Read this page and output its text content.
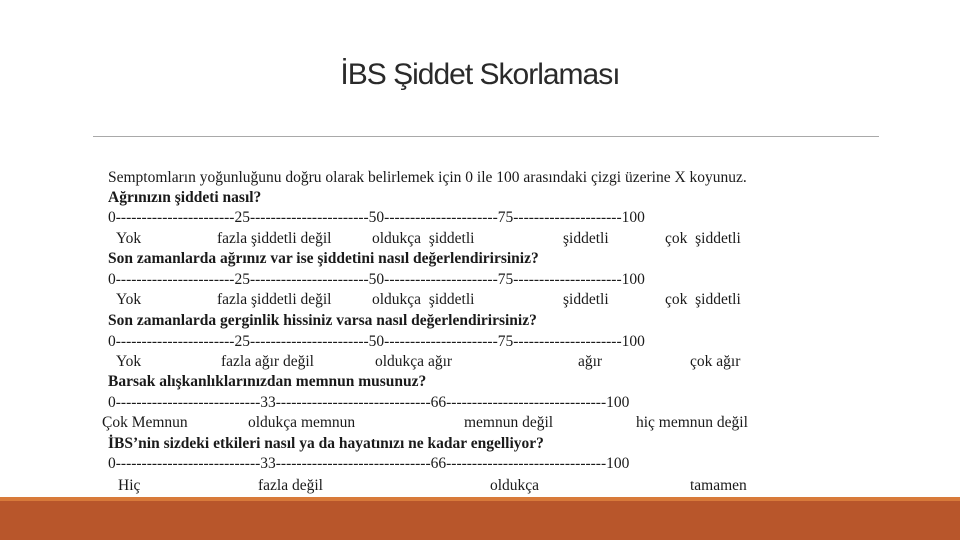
İBS Şiddet Skorlaması
Semptomların yoğunluğunu doğru olarak belirlemek için 0 ile 100 arasındaki çizgi üzerine X koyunuz.
Ağrınızın şiddeti nasıl?
0-----------------------25-----------------------50----------------------75---------------------100
Yok	fazla şiddetli değil	oldukça  şiddetli	şiddetli	çok  şiddetli
Son zamanlarda ağrınız var ise şiddetini nasıl değerlendirirsiniz?
0-----------------------25-----------------------50----------------------75---------------------100
Yok	fazla şiddetli değil	oldukça  şiddetli	şiddetli	çok  şiddetli
Son zamanlarda gerginlik hissiniz varsa nasıl değerlendirirsiniz?
0-----------------------25-----------------------50----------------------75---------------------100
Yok	fazla ağır değil	oldukça ağır	ağır	çok ağır
Barsak alışkanlıklarınızdan memnun musunuz?
0----------------------------33------------------------------66-------------------------------100
Çok Memnun	oldukça memnun	memnun değil	hiç memnun değil
İBS’nin sizdeki etkileri nasıl ya da hayatınızı ne kadar engelliyor?
0----------------------------33------------------------------66-------------------------------100
Hiç	fazla değil	oldukça	tamamen
